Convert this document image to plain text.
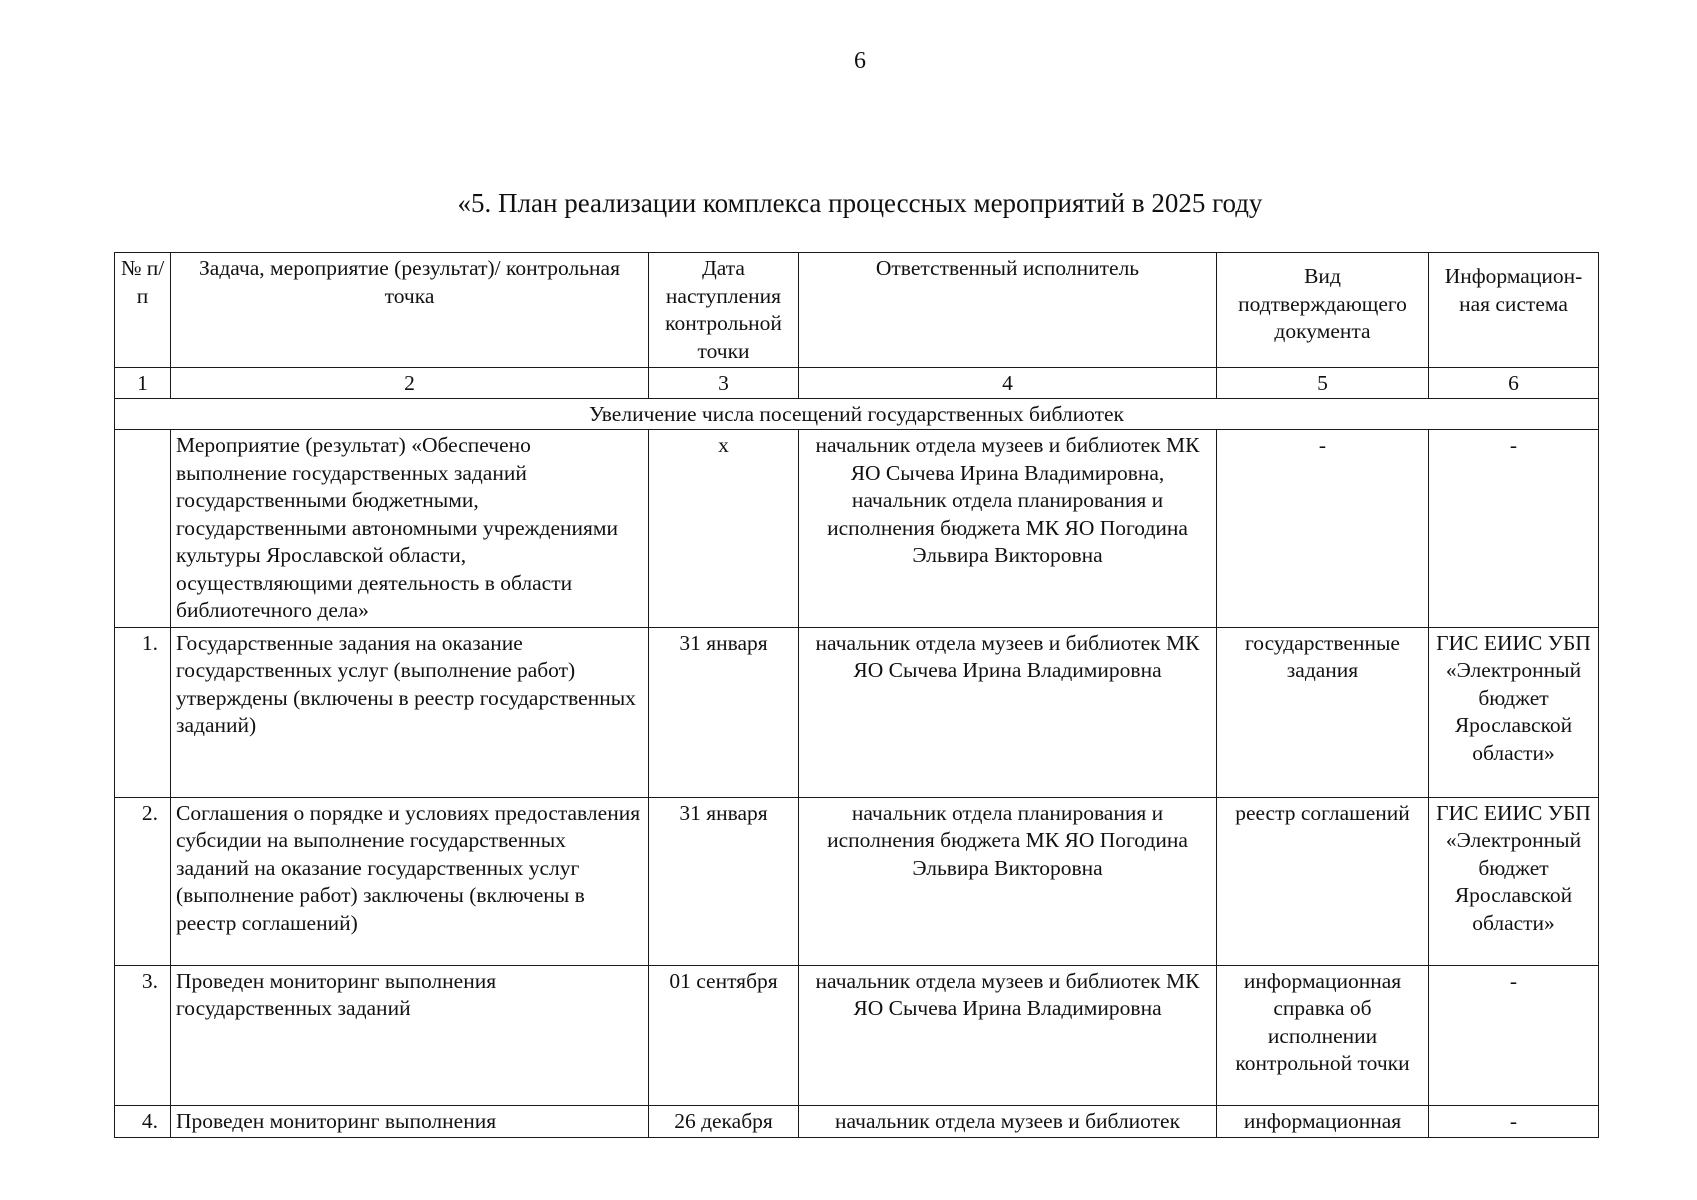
6
«5. План реализации комплекса процессных мероприятий в 2025 году
№ п/п	Задача, мероприятие (результат)/ контрольная точка	Дата наступления контрольной точки	Ответственный исполнитель	Вид подтверждающего документа	Информацион-ная система
1	2	3	4	5	6
Увеличение числа посещений государственных библиотек					
	Мероприятие (результат) «Обеспечено выполнение государственных заданий государственными бюджетными, государственными автономными учреждениями культуры Ярославской области, осуществляющими деятельность в области библиотечного дела»	х	начальник отдела музеев и библиотек МК ЯО Сычева Ирина Владимировна, начальник отдела планирования и исполнения бюджета МК ЯО Погодина Эльвира Викторовна	-	-
1.	Государственные задания на оказание государственных услуг (выполнение работ) утверждены (включены в реестр государственных заданий)	31 января	начальник отдела музеев и библиотек МК ЯО Сычева Ирина Владимировна	государственные задания	ГИС ЕИИС УБП «Электронный бюджет Ярославской области»
2.	Соглашения о порядке и условиях предоставления субсидии на выполнение государственных заданий на оказание государственных услуг (выполнение работ) заключены (включены в реестр соглашений)	31 января	начальник отдела планирования и исполнения бюджета МК ЯО Погодина Эльвира Викторовна	реестр соглашений	ГИС ЕИИС УБП «Электронный бюджет Ярославской области»
3.	Проведен мониторинг выполнения государственных заданий	01 сентября	начальник отдела музеев и библиотек МК ЯО Сычева Ирина Владимировна	информационная справка об исполнении контрольной точки	-
4.	Проведен мониторинг выполнения	26 декабря	начальник отдела музеев и библиотек	информационная	-
